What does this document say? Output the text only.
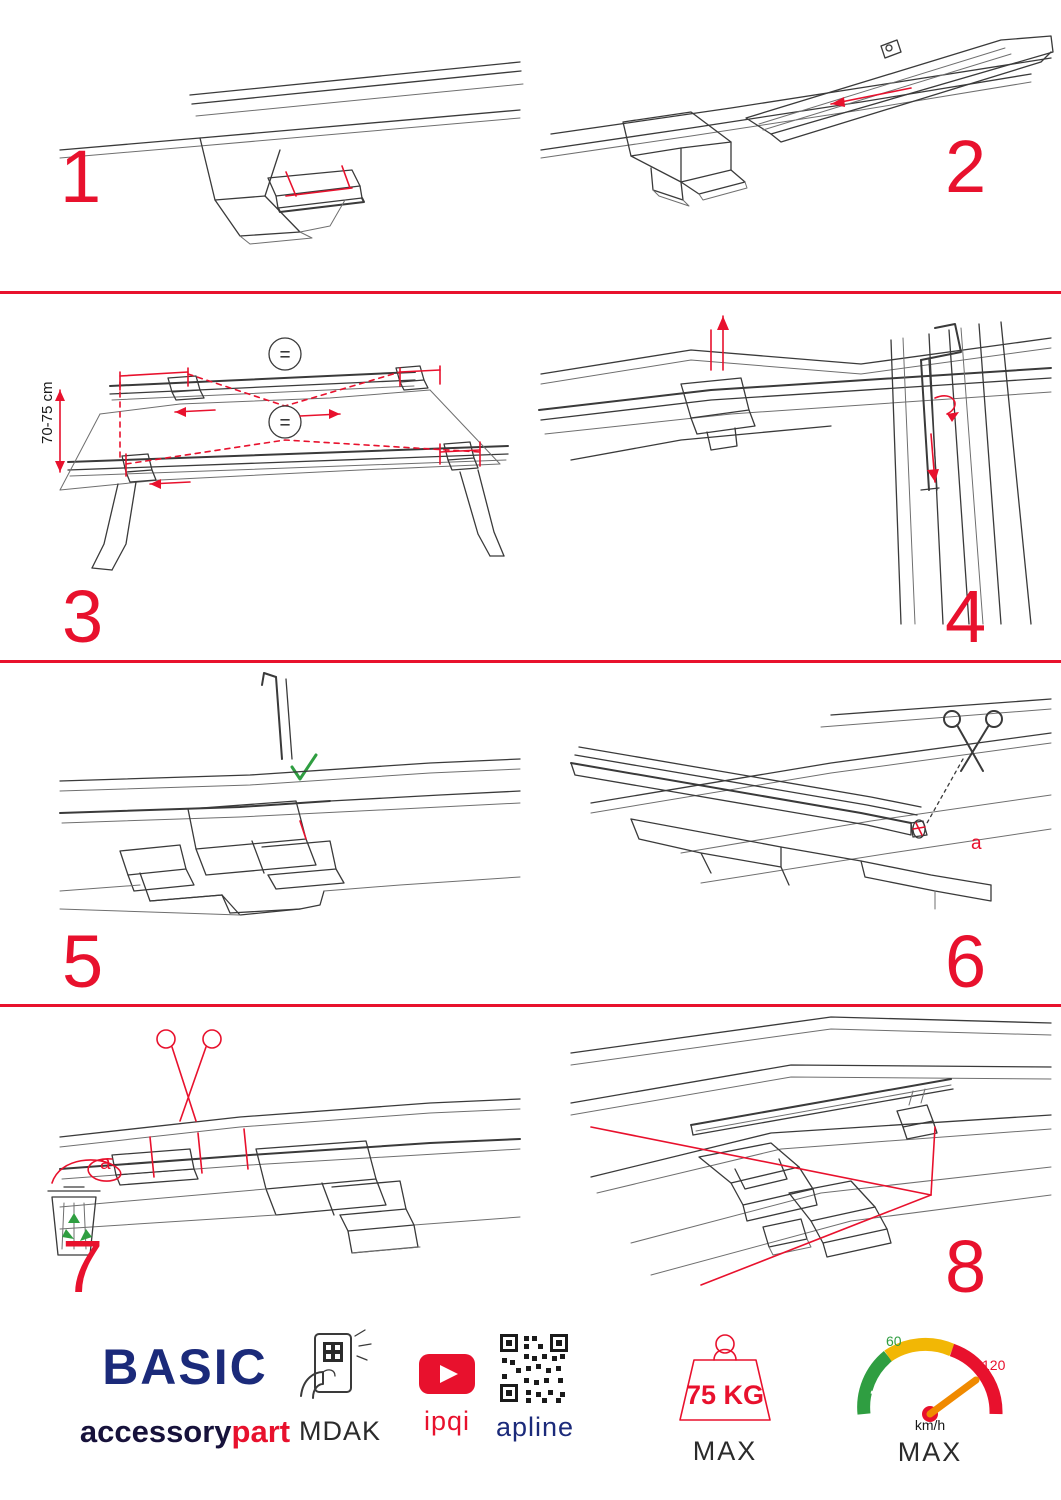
1	2
=
=
70-75 cm
3	4
5
a
6
a
7	8
BASIC
accessorypart MDAK	ipqi apline
75 KG
MAX
60
120
km/h
MAX
